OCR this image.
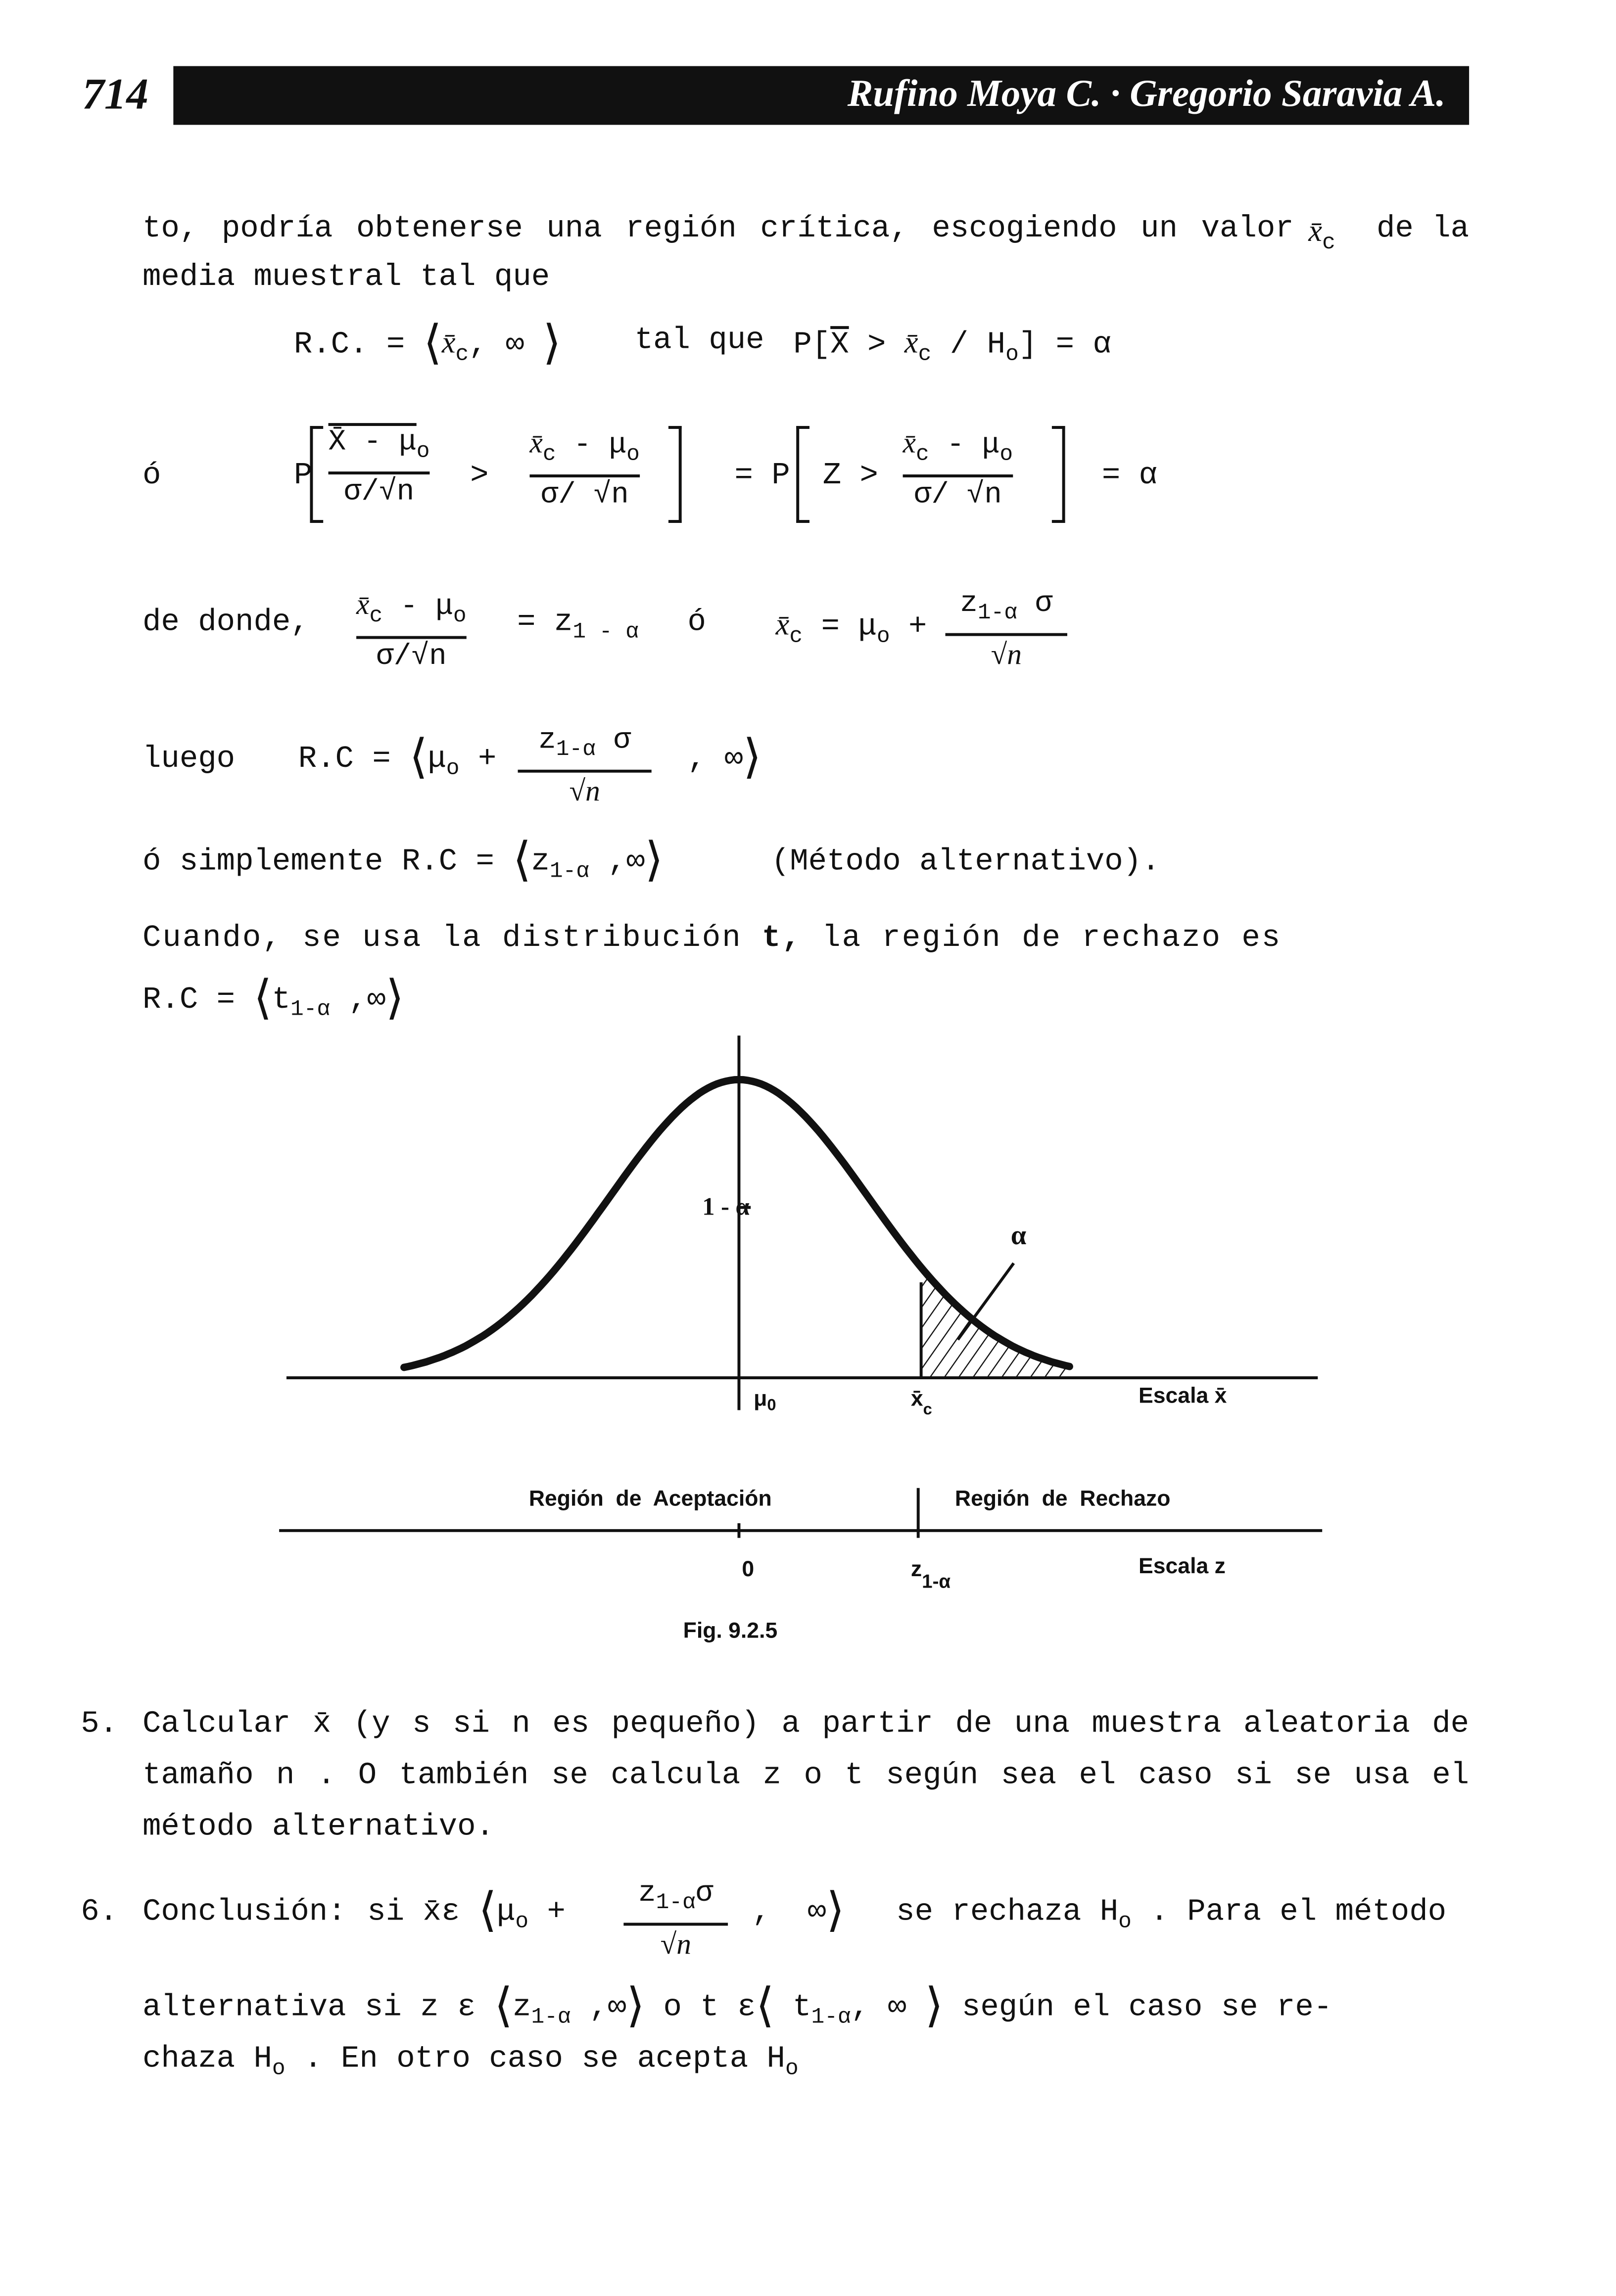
714	Rufino Moya C. · Gregorio Saravia A.
to, podría obtenerse una región crítica, escogiendo un valor $x̄_c$	de la
media muestral tal que
R.C. = $⟨x̄_c$, ∞ ⟩	tal que	$P[\overline{X}$ > $x̄_c / H_o] = \alpha$
ó	P
X̄ - $\mu_o$
σ/√n	>
$x̄_c - \mu_o$
σ/ √n
= P	Z >
$x̄_c - \mu_o$
σ/ √n
= α
de donde,
$x̄_c - \mu_o$
σ/√n
= $z_{1 - \alpha}$	ó	$x̄_c = \mu_o$ +
$z_{1-\alpha}$ σ
√n
luego	$R.C = ⟨\mu_o$ +
$z_{1-\alpha}$ σ
√n
, ∞⟩
ó simplemente $R.C = ⟨z_{1-\alpha}$ ,∞⟩	(Método alternativo).
Cuando, se usa la distribución t, la región de rechazo es
$R.C = ⟨t_{1-\alpha}$ ,∞⟩
1 - α
α
$\mu_0$	$x̄_c$
Escala x̄
Región  de  Aceptación	Región  de  Rechazo
0	$z_{1-\alpha}$
Escala z
Fig. 9.2.5
5. Calcular x̄ (y s si n es pequeño) a partir de una muestra aleatoria de
tamaño n . O también se calcula z o t según sea el caso si se usa el
método alternativo.
6. Conclusión: si x̄ε $⟨\mu_o$ +
$z_{1-\alpha}\sigma$
√n
,  ∞⟩	se rechaza $H_o$ . Para el método
alternativa si z ε $⟨z_{1-\alpha}$ ,∞⟩ o t ε⟨ $t_{1-\alpha}$, ∞ ⟩ según el caso se re-
chaza $H_o$ . En otro caso se acepta $H_o$
